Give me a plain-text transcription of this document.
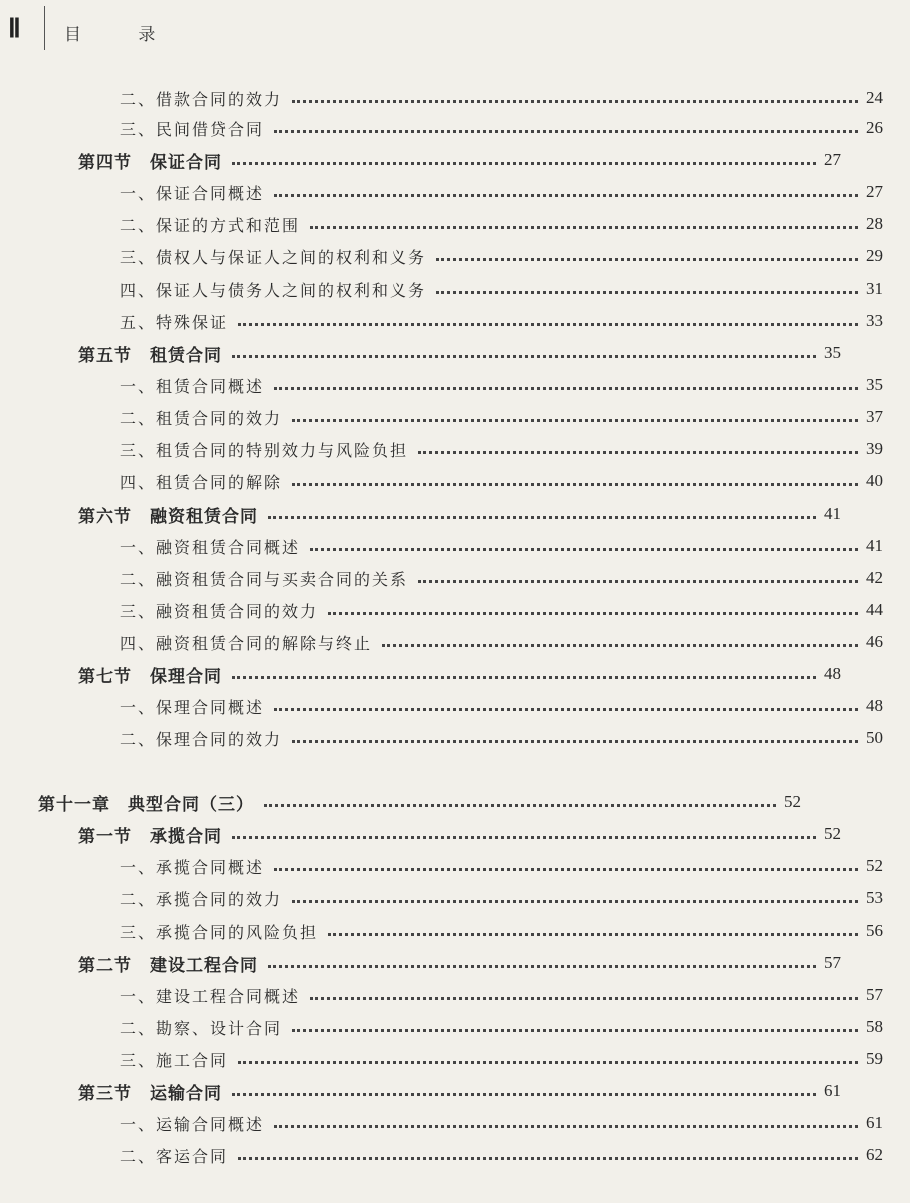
Ⅱ	目 录
二、借款合同的效力	24
三、民间借贷合同	26
第四节　保证合同	27
一、保证合同概述	27
二、保证的方式和范围	28
三、债权人与保证人之间的权利和义务	29
四、保证人与债务人之间的权利和义务	31
五、特殊保证	33
第五节　租赁合同	35
一、租赁合同概述	35
二、租赁合同的效力	37
三、租赁合同的特别效力与风险负担	39
四、租赁合同的解除	40
第六节　融资租赁合同	41
一、融资租赁合同概述	41
二、融资租赁合同与买卖合同的关系	42
三、融资租赁合同的效力	44
四、融资租赁合同的解除与终止	46
第七节　保理合同	48
一、保理合同概述	48
二、保理合同的效力	50
第十一章　典型合同（三）	52
第一节　承揽合同	52
一、承揽合同概述	52
二、承揽合同的效力	53
三、承揽合同的风险负担	56
第二节　建设工程合同	57
一、建设工程合同概述	57
二、勘察、设计合同	58
三、施工合同	59
第三节　运输合同	61
一、运输合同概述	61
二、客运合同	62
